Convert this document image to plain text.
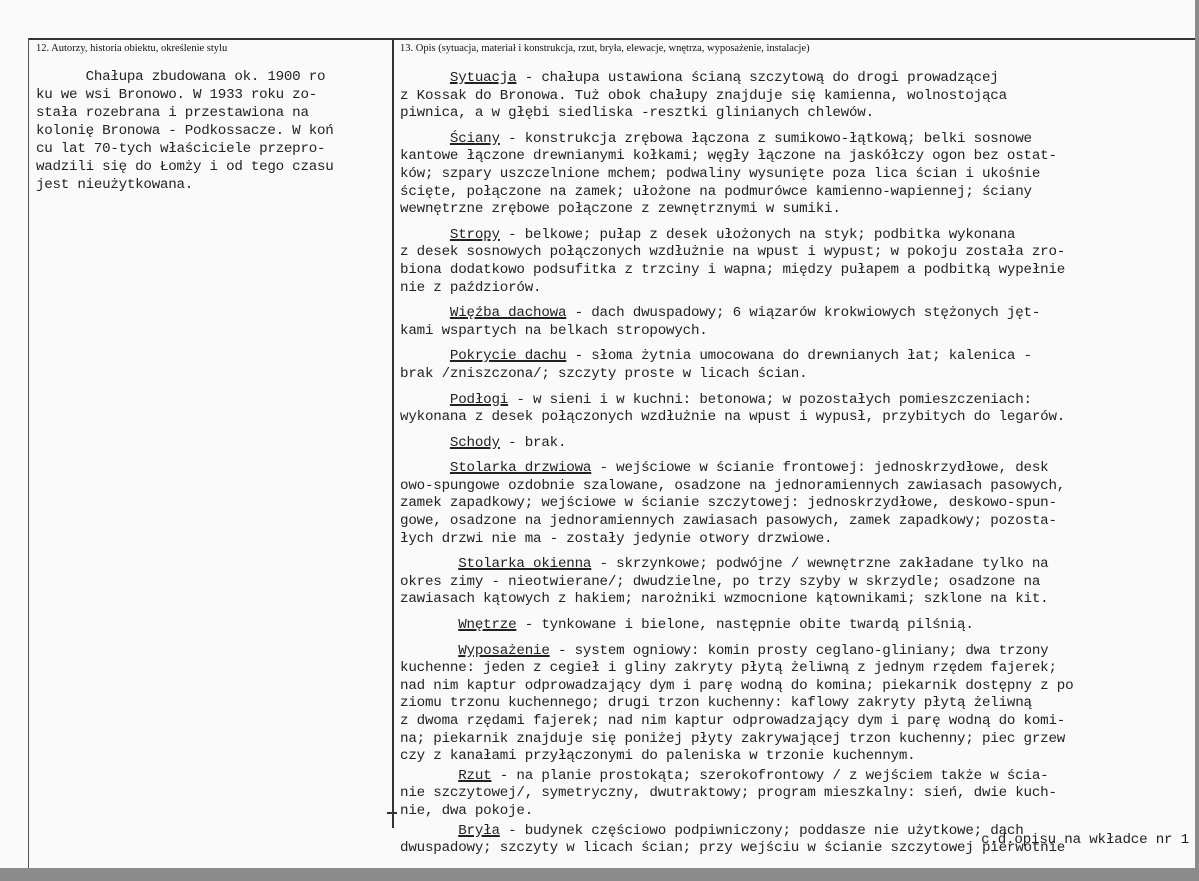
12. Autorzy, historia obiektu, określenie stylu	13. Opis (sytuacja, materiał i konstrukcja, rzut, bryła, elewacje, wnętrza, wyposażenie, instalacje)
Chałupa zbudowana ok. 1900 ro
ku we wsi Bronowo. W 1933 roku zo-
stała rozebrana i przestawiona na
kolonię Bronowa - Podkossacze. W koń
cu lat 70-tych właściciele przepro-
wadzili się do Łomży i od tego czasu
jest nieużytkowana.
Sytuacja - chałupa ustawiona ścianą szczytową do drogi prowadzącej
z Kossak do Bronowa. Tuż obok chałupy znajduje się kamienna, wolnostojąca
piwnica, a w głębi siedliska -resztki glinianych chlewów.
Ściany - konstrukcja zrębowa łączona z sumikowo-łątkową; belki sosnowe
kantowe łączone drewnianymi kołkami; węgły łączone na jaskółczy ogon bez ostat-
ków; szpary uszczelnione mchem; podwaliny wysunięte poza lica ścian i ukośnie
ścięte, połączone na zamek; ułożone na podmurówce kamienno-wapiennej; ściany
wewnętrzne zrębowe połączone z zewnętrznymi w sumiki.
Stropy - belkowe; pułap z desek ułożonych na styk; podbitka wykonana
z desek sosnowych połączonych wzdłużnie na wpust i wypust; w pokoju została zro-
biona dodatkowo podsufitka z trzciny i wapna; między pułapem a podbitką wypełnie
nie z paździorów.
Więźba dachowa - dach dwuspadowy; 6 wiązarów krokwiowych stężonych jęt-
kami wspartych na belkach stropowych.
Pokrycie dachu - słoma żytnia umocowana do drewnianych łat; kalenica -
brak /zniszczona/; szczyty proste w licach ścian.
Podłogi - w sieni i w kuchni: betonowa; w pozostałych pomieszczeniach:
wykonana z desek połączonych wzdłużnie na wpust i wypusł, przybitych do legarów.
Schody - brak.
Stolarka drzwiowa - wejściowe w ścianie frontowej: jednoskrzydłowe, desk
owo-spungowe ozdobnie szalowane, osadzone na jednoramiennych zawiasach pasowych,
zamek zapadkowy; wejściowe w ścianie szczytowej: jednoskrzydłowe, deskowo-spun-
gowe, osadzone na jednoramiennych zawiasach pasowych, zamek zapadkowy; pozosta-
łych drzwi nie ma - zostały jedynie otwory drzwiowe.
Stolarka okienna - skrzynkowe; podwójne / wewnętrzne zakładane tylko na
okres zimy - nieotwierane/; dwudzielne, po trzy szyby w skrzydle; osadzone na
zawiasach kątowych z hakiem; narożniki wzmocnione kątownikami; szklone na kit.
Wnętrze - tynkowane i bielone, następnie obite twardą pilśnią.
Wyposażenie - system ogniowy: komin prosty ceglano-gliniany; dwa trzony
kuchenne: jeden z cegieł i gliny zakryty płytą żeliwną z jednym rzędem fajerek;
nad nim kaptur odprowadzający dym i parę wodną do komina; piekarnik dostępny z po
ziomu trzonu kuchennego; drugi trzon kuchenny: kaflowy zakryty płytą żeliwną
z dwoma rzędami fajerek; nad nim kaptur odprowadzający dym i parę wodną do komi-
na; piekarnik znajduje się poniżej płyty zakrywającej trzon kuchenny; piec grzew
czy z kanałami przyłączonymi do paleniska w trzonie kuchennym.
Rzut - na planie prostokąta; szerokofrontowy / z wejściem także w ścia-
nie szczytowej/, symetryczny, dwutraktowy; program mieszkalny: sień, dwie kuch-
nie, dwa pokoje.
Bryła - budynek częściowo podpiwniczony; poddasze nie użytkowe; dach
dwuspadowy; szczyty w licach ścian; przy wejściu w ścianie szczytowej pierwotnie
c.d.opisu na wkładce nr 1
